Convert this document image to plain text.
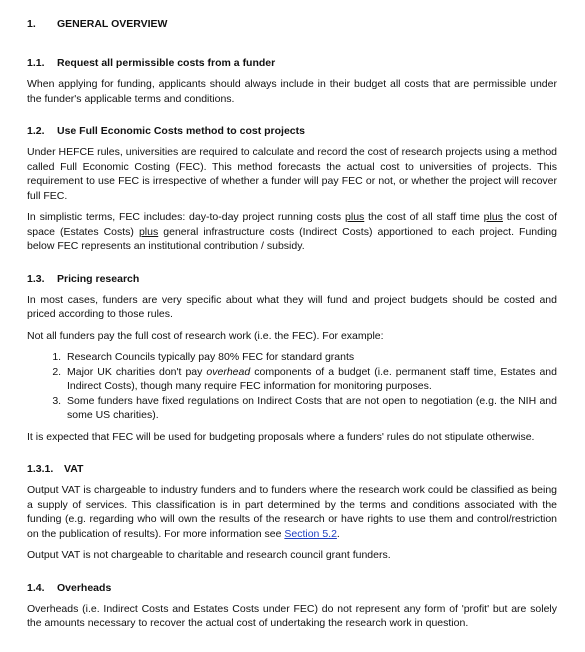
1. GENERAL OVERVIEW
1.1. Request all permissible costs from a funder

When applying for funding, applicants should always include in their budget all costs that are permissible under the funder's applicable terms and conditions.

1.2. Use Full Economic Costs method to cost projects

Under HEFCE rules, universities are required to calculate and record the cost of research projects using a method called Full Economic Costing (FEC). This method forecasts the actual cost to universities of projects. This requirement to use FEC is irrespective of whether a funder will pay FEC or not, or whether the project will recover full FEC.

In simplistic terms, FEC includes: day-to-day project running costs plus the cost of all staff time plus the cost of space (Estates Costs) plus general infrastructure costs (Indirect Costs) apportioned to each project. Funding below FEC represents an institutional contribution / subsidy.

1.3. Pricing research

In most cases, funders are very specific about what they will fund and project budgets should be costed and priced according to those rules.

Not all funders pay the full cost of research work (i.e. the FEC). For example:

1. Research Councils typically pay 80% FEC for standard grants
2. Major UK charities don't pay overhead components of a budget (i.e. permanent staff time, Estates and Indirect Costs), though many require FEC information for monitoring purposes.
3. Some funders have fixed regulations on Indirect Costs that are not open to negotiation (e.g. the NIH and some US charities).

It is expected that FEC will be used for budgeting proposals where a funders' rules do not stipulate otherwise.

1.3.1. VAT

Output VAT is chargeable to industry funders and to funders where the research work could be classified as being a supply of services. This classification is in part determined by the terms and conditions associated with the funding (e.g. regarding who will own the results of the research or have rights to use them and control/restriction on the publication of results). For more information see Section 5.2.

Output VAT is not chargeable to charitable and research council grant funders.

1.4. Overheads

Overheads (i.e. Indirect Costs and Estates Costs under FEC) do not represent any form of 'profit' but are solely the amounts necessary to recover the actual cost of undertaking the research work in question.
